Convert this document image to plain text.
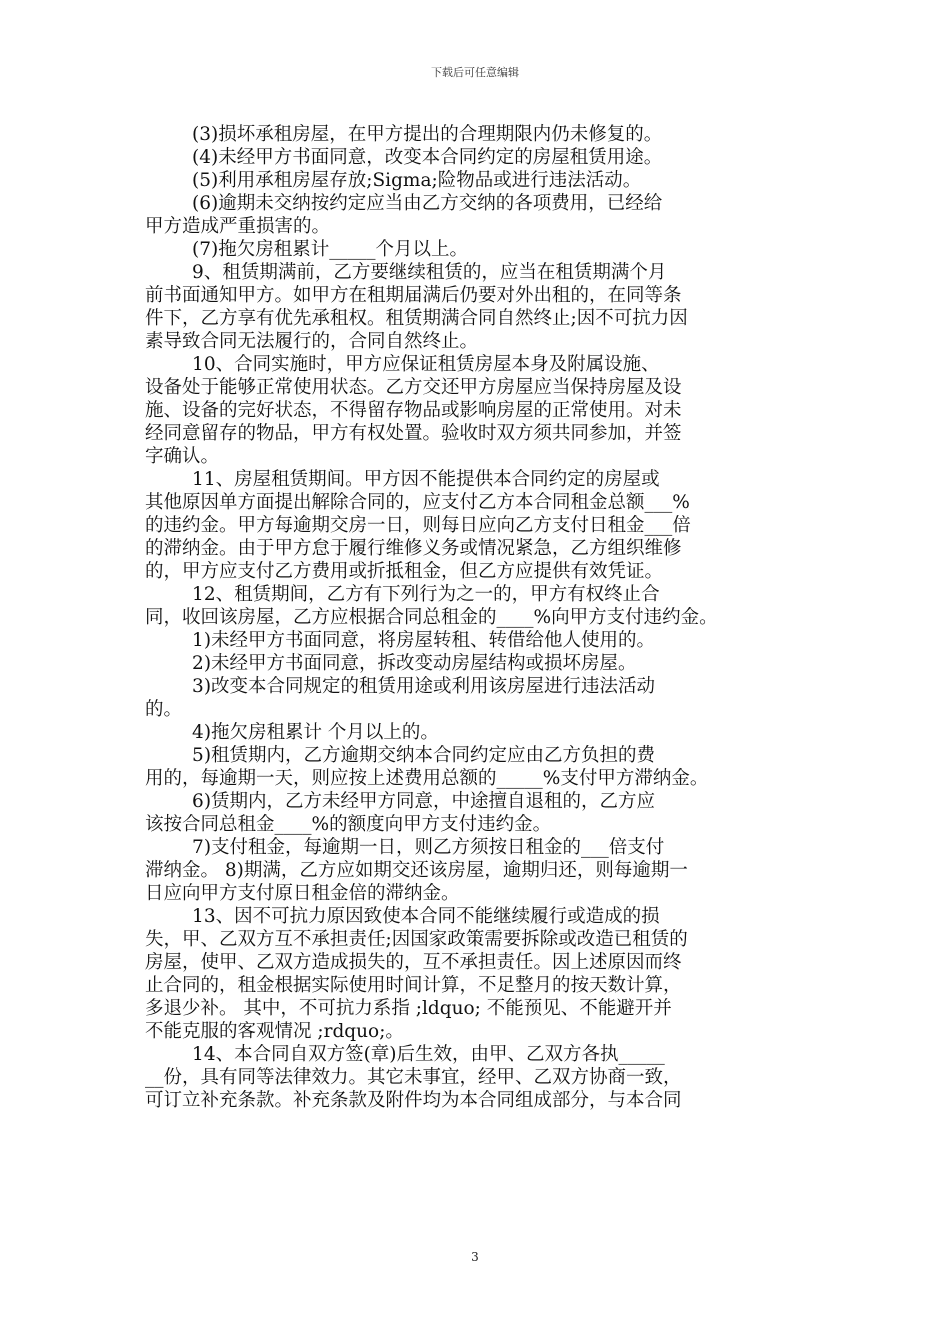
下载后可任意编辑
(3)损坏承租房屋，在甲方提出的合理期限内仍未修复的。
(4)未经甲方书面同意，改变本合同约定的房屋租赁用途。
(5)利用承租房屋存放;Sigma;险物品或进行违法活动。
(6)逾期未交纳按约定应当由乙方交纳的各项费用，已经给
甲方造成严重损害的。
(7)拖欠房租累计_____个月以上。
9、租赁期满前，乙方要继续租赁的，应当在租赁期满个月
前书面通知甲方。如甲方在租期届满后仍要对外出租的，在同等条
件下，乙方享有优先承租权。租赁期满合同自然终止;因不可抗力因
素导致合同无法履行的，合同自然终止。
10、合同实施时，甲方应保证租赁房屋本身及附属设施、
设备处于能够正常使用状态。乙方交还甲方房屋应当保持房屋及设
施、设备的完好状态，不得留存物品或影响房屋的正常使用。对未
经同意留存的物品，甲方有权处置。验收时双方须共同参加，并签
字确认。
11、房屋租赁期间。甲方因不能提供本合同约定的房屋或
其他原因单方面提出解除合同的，应支付乙方本合同租金总额___%
的违约金。甲方每逾期交房一日，则每日应向乙方支付日租金___倍
的滞纳金。由于甲方怠于履行维修义务或情况紧急，乙方组织维修
的，甲方应支付乙方费用或折抵租金，但乙方应提供有效凭证。
12、租赁期间，乙方有下列行为之一的，甲方有权终止合
同，收回该房屋，乙方应根据合同总租金的____%向甲方支付违约金。
1)未经甲方书面同意，将房屋转租、转借给他人使用的。
2)未经甲方书面同意，拆改变动房屋结构或损坏房屋。
3)改变本合同规定的租赁用途或利用该房屋进行违法活动
的。
4)拖欠房租累计 个月以上的。
5)租赁期内，乙方逾期交纳本合同约定应由乙方负担的费
用的，每逾期一天，则应按上述费用总额的_____%支付甲方滞纳金。
6)赁期内，乙方未经甲方同意，中途擅自退租的，乙方应
该按合同总租金____%的额度向甲方支付违约金。
7)支付租金，每逾期一日，则乙方须按日租金的___倍支付
滞纳金。 8)期满，乙方应如期交还该房屋，逾期归还，则每逾期一
日应向甲方支付原日租金倍的滞纳金。
13、因不可抗力原因致使本合同不能继续履行或造成的损
失，甲、乙双方互不承担责任;因国家政策需要拆除或改造已租赁的
房屋，使甲、乙双方造成损失的，互不承担责任。因上述原因而终
止合同的，租金根据实际使用时间计算，不足整月的按天数计算，
多退少补。 其中，不可抗力系指 ;ldquo; 不能预见、不能避开并
不能克服的客观情况 ;rdquo;。
14、本合同自双方签(章)后生效，由甲、乙双方各执_____
__份，具有同等法律效力。其它未事宜，经甲、乙双方协商一致，
可订立补充条款。补充条款及附件均为本合同组成部分，与本合同
3
